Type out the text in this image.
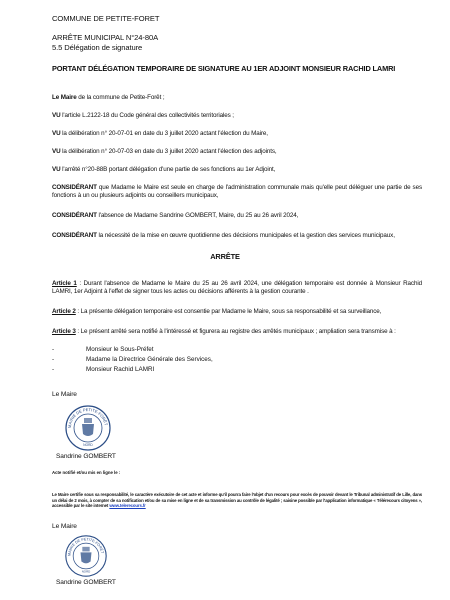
COMMUNE DE PETITE-FORET
ARRÊTE MUNICIPAL N°24-80A
5.5 Délégation de signature
PORTANT DÉLÉGATION TEMPORAIRE DE SIGNATURE AU 1ER ADJOINT MONSIEUR RACHID LAMRI
Le Maire de la commune de Petite-Forêt ;
VU l'article L.2122-18 du Code général des collectivités territoriales ;
VU la délibération n° 20-07-01 en date du 3 juillet 2020 actant l'élection du Maire,
VU la délibération n° 20-07-03 en date du 3 juillet 2020 actant l'élection des adjoints,
VU l'arrêté n°20-88B portant délégation d'une partie de ses fonctions au 1er Adjoint,
CONSIDÉRANT que Madame le Maire est seule en charge de l'administration communale mais qu'elle peut déléguer une partie de ses fonctions à un ou plusieurs adjoints ou conseillers municipaux,
CONSIDÉRANT l'absence de Madame Sandrine GOMBERT, Maire, du 25 au 26 avril 2024,
CONSIDÉRANT la nécessité de la mise en œuvre quotidienne des décisions municipales et la gestion des services municipaux,
ARRÊTE
Article 1 : Durant l'absence de Madame le Maire du 25 au 26 avril 2024, une délégation temporaire est donnée à Monsieur Rachid LAMRI, 1er Adjoint à l'effet de signer tous les actes ou décisions afférents à la gestion courante .
Article 2 : La présente délégation temporaire est consentie par Madame le Maire, sous sa responsabilité et sa surveillance,
Article 3 : Le présent arrêté sera notifié à l'intéressé et figurera au registre des arrêtés municipaux ; ampliation sera transmise à :
-	Monsieur le Sous-Préfet
-	Madame la Directrice Générale des Services,
-	Monsieur Rachid LAMRI
Le Maire
MAIRIE DE PETITE-FORÊT
NORD
Sandrine GOMBERT
Acte notifié et/ou mis en ligne le :
Le Maire certifie sous sa responsabilité, le caractère exécutoire de cet acte et informe qu'il pourra faire l'objet d'un recours pour excès de pouvoir devant le Tribunal administratif de Lille, dans un délai de 2 mois, à compter de sa notification et/ou de sa mise en ligne et de sa transmission au contrôle de légalité ; saisine possible par l'application informatique « Télérecours citoyens », accessible par le site internet www.telerecours.fr
Le Maire
MAIRIE DE PETITE-FORÊT
NORD
Sandrine GOMBERT
